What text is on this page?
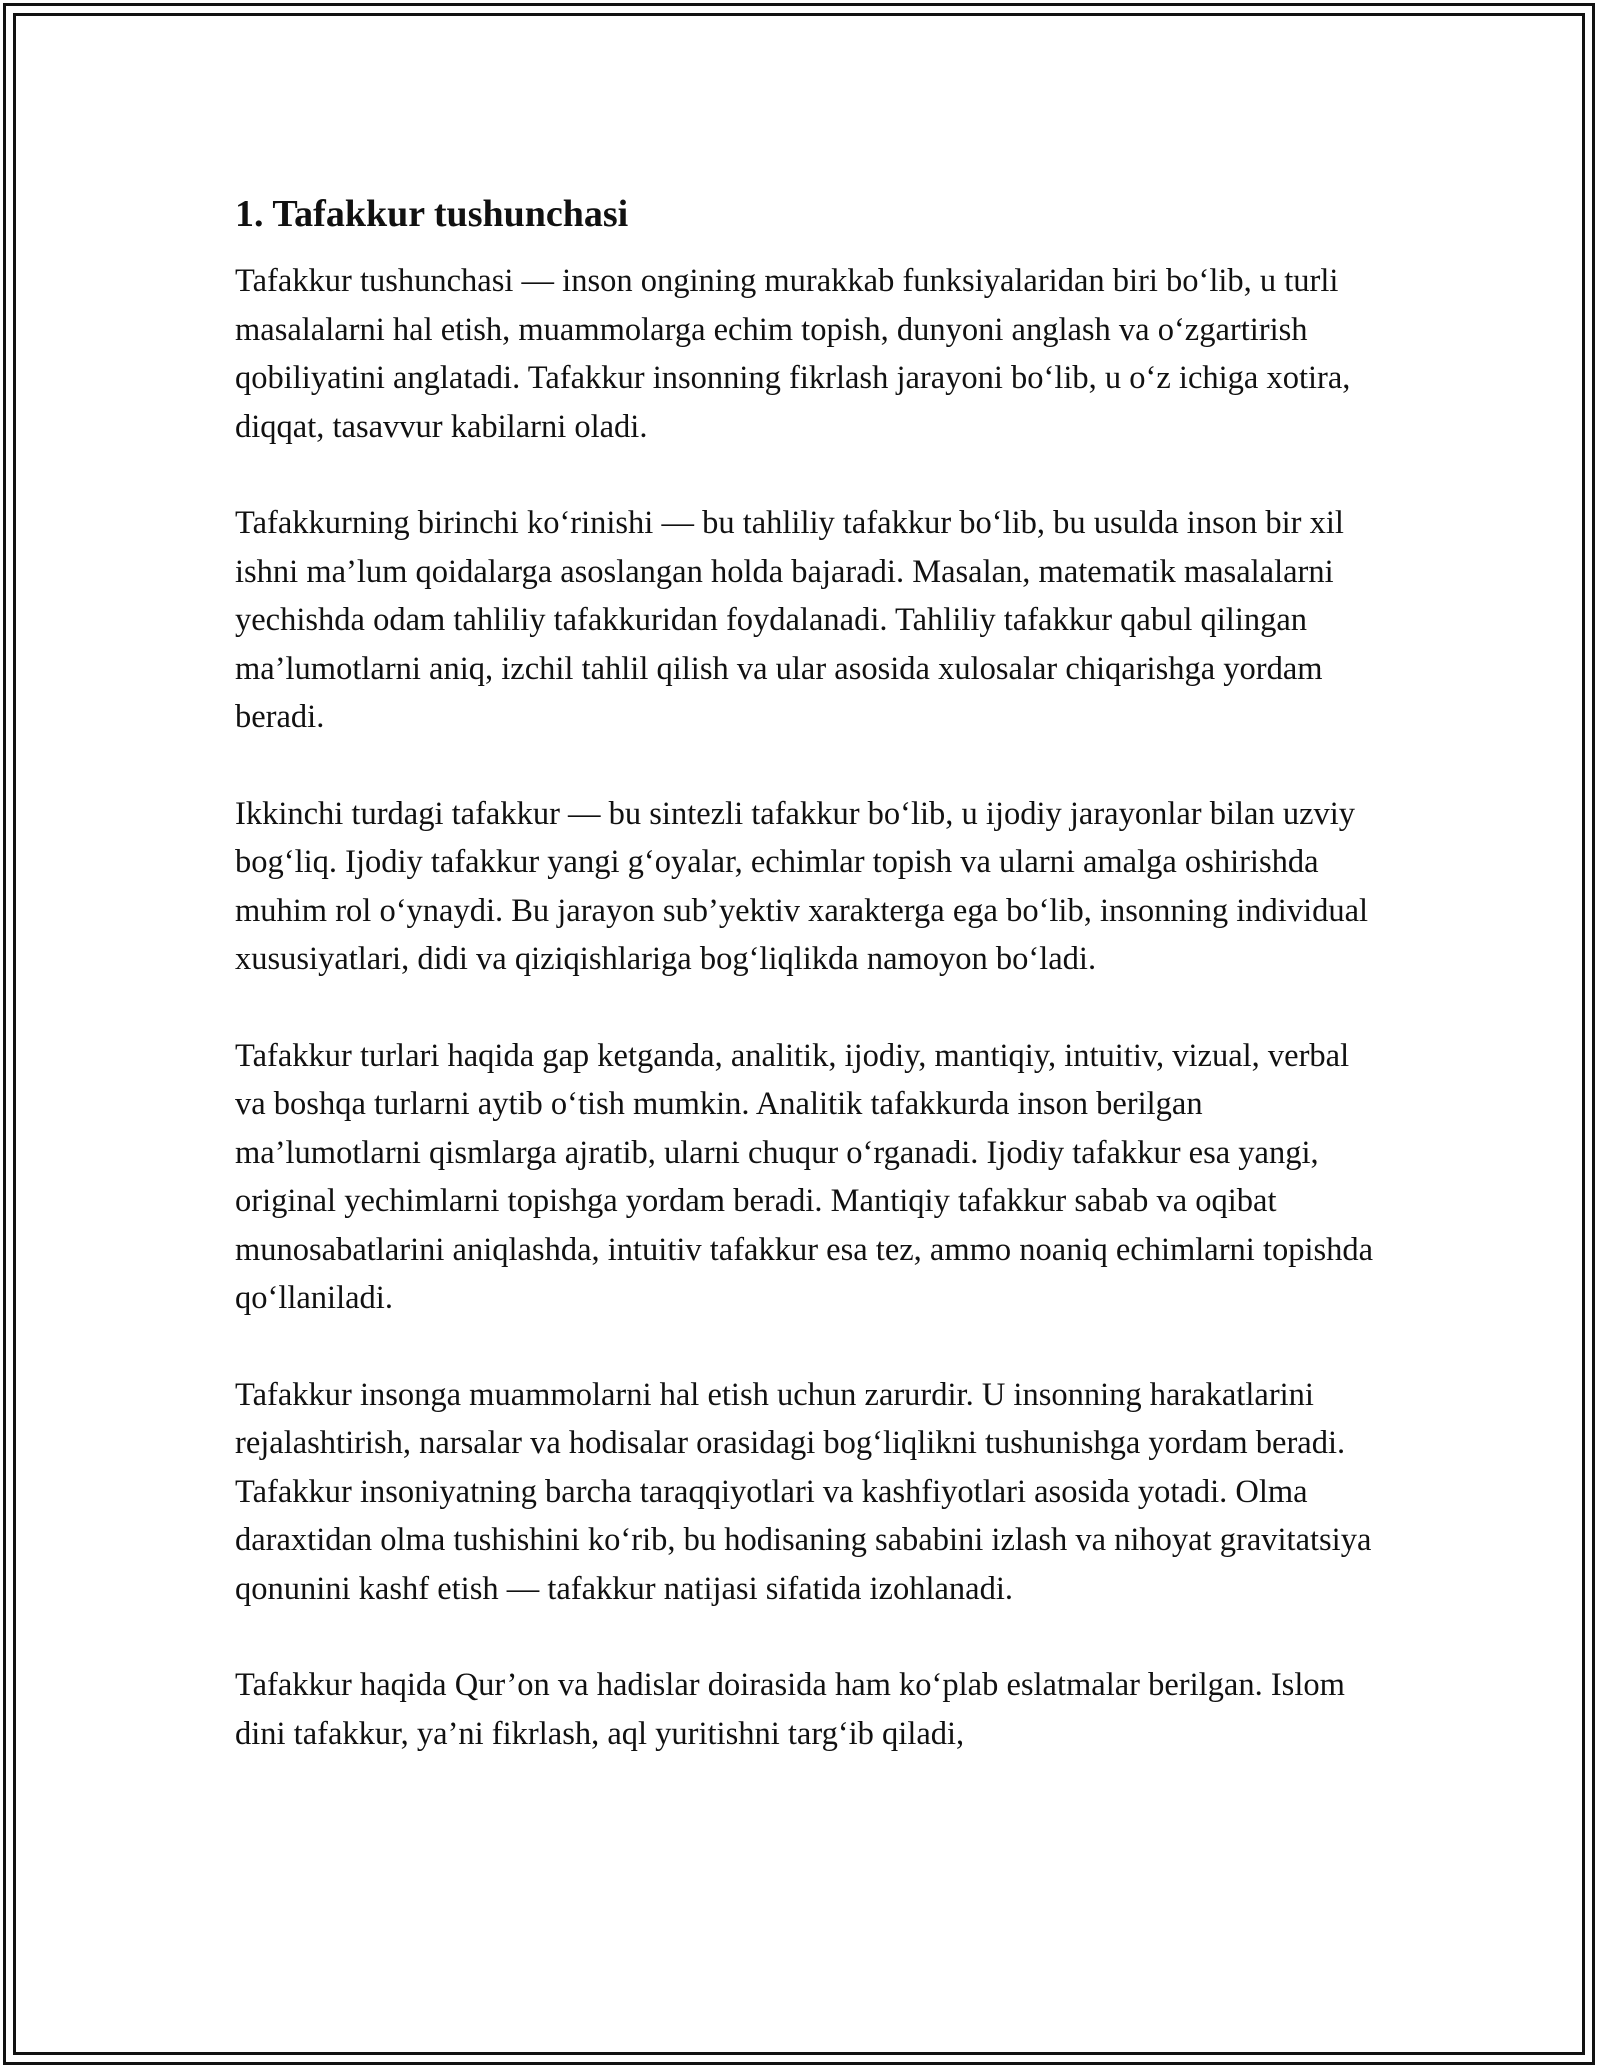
1. Tafakkur tushunchasi

Tafakkur tushunchasi — inson ongining murakkab funksiyalaridan biri bo‘lib, u turli masalalarni hal etish, muammolarga echim topish, dunyoni anglash va o‘zgartirish qobiliyatini anglatadi. Tafakkur insonning fikrlash jarayoni bo‘lib, u o‘z ichiga xotira, diqqat, tasavvur kabilarni oladi.

Tafakkurning birinchi ko‘rinishi — bu tahliliy tafakkur bo‘lib, bu usulda inson bir xil ishni ma’lum qoidalarga asoslangan holda bajaradi. Masalan, matematik masalalarni yechishda odam tahliliy tafakkuridan foydalanadi. Tahliliy tafakkur qabul qilingan ma’lumotlarni aniq, izchil tahlil qilish va ular asosida xulosalar chiqarishga yordam beradi.

Ikkinchi turdagi tafakkur — bu sintezli tafakkur bo‘lib, u ijodiy jarayonlar bilan uzviy bog‘liq. Ijodiy tafakkur yangi g‘oyalar, echimlar topish va ularni amalga oshirishda muhim rol o‘ynaydi. Bu jarayon sub’yektiv xarakterga ega bo‘lib, insonning individual xususiyatlari, didi va qiziqishlariga bog‘liqlikda namoyon bo‘ladi.

Tafakkur turlari haqida gap ketganda, analitik, ijodiy, mantiqiy, intuitiv, vizual, verbal va boshqa turlarni aytib o‘tish mumkin. Analitik tafakkurda inson berilgan ma’lumotlarni qismlarga ajratib, ularni chuqur o‘rganadi. Ijodiy tafakkur esa yangi, original yechimlarni topishga yordam beradi. Mantiqiy tafakkur sabab va oqibat munosabatlarini aniqlashda, intuitiv tafakkur esa tez, ammo noaniq echimlarni topishda qo‘llaniladi.

Tafakkur insonga muammolarni hal etish uchun zarurdir. U insonning harakatlarini rejalashtirish, narsalar va hodisalar orasidagi bog‘liqlikni tushunishga yordam beradi. Tafakkur insoniyatning barcha taraqqiyotlari va kashfiyotlari asosida yotadi. Olma daraxtidan olma tushishini ko‘rib, bu hodisaning sababini izlash va nihoyat gravitatsiya qonunini kashf etish — tafakkur natijasi sifatida izohlanadi.

Tafakkur haqida Qur’on va hadislar doirasida ham ko‘plab eslatmalar berilgan. Islom dini tafakkur, ya’ni fikrlash, aql yuritishni targ‘ib qiladi,
